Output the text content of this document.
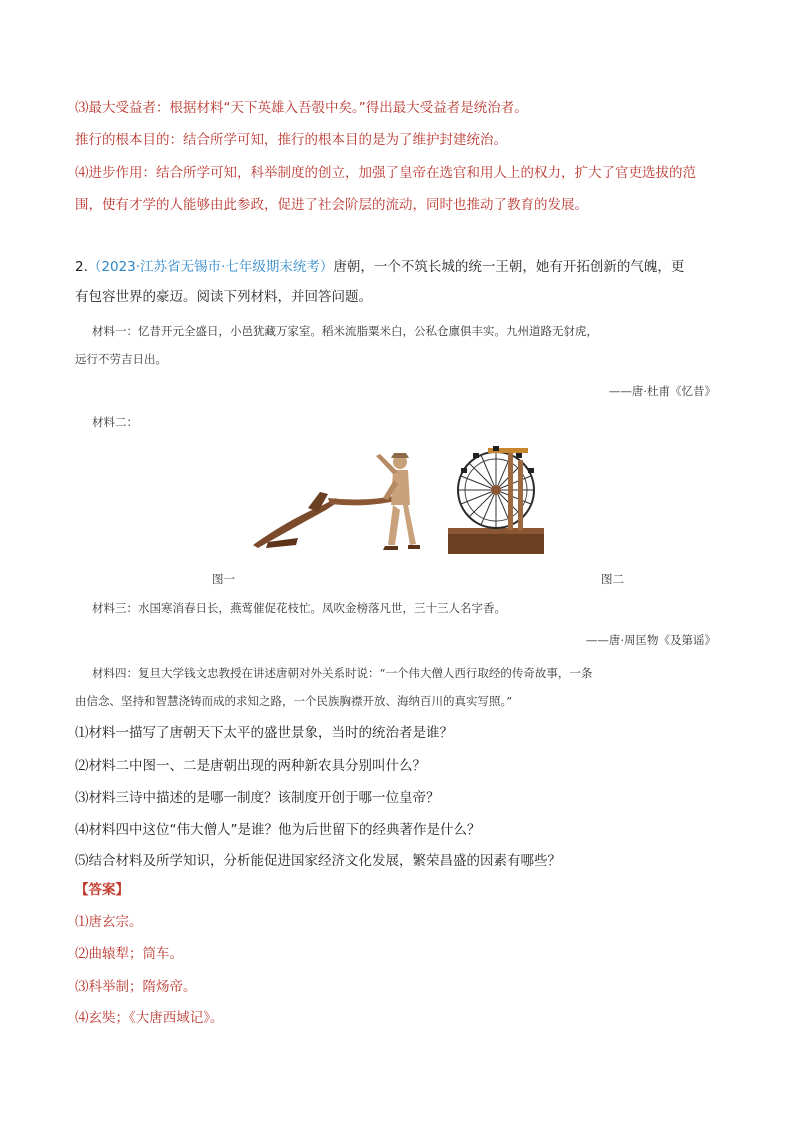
⑶最大受益者：根据材料“天下英雄入吾彀中矣。”得出最大受益者是统治者。
推行的根本目的：结合所学可知，推行的根本目的是为了维护封建统治。
⑷进步作用：结合所学可知，科举制度的创立，加强了皇帝在选官和用人上的权力，扩大了官吏选拔的范
围，使有才学的人能够由此参政，促进了社会阶层的流动，同时也推动了教育的发展。
2.（2023·江苏省无锡市·七年级期末统考）唐朝，一个不筑长城的统一王朝，她有开拓创新的气魄，更
有包容世界的豪迈。阅读下列材料，并回答问题。
材料一：忆昔开元全盛日，小邑犹藏万家室。稻米流脂粟米白，公私仓廪俱丰实。九州道路无豺虎，
远行不劳吉日出。
——唐·杜甫《忆昔》
材料二：
图一	图二
材料三：水国寒消春日长，燕莺催促花枝忙。凤吹金榜落凡世，三十三人名字香。
——唐·周匡物《及第谣》
材料四：复旦大学钱文忠教授在讲述唐朝对外关系时说：“一个伟大僧人西行取经的传奇故事，一条
由信念、坚持和智慧浇铸而成的求知之路，一个民族胸襟开放、海纳百川的真实写照。”
⑴材料一描写了唐朝天下太平的盛世景象，当时的统治者是谁？
⑵材料二中图一、二是唐朝出现的两种新农具分别叫什么？
⑶材料三诗中描述的是哪一制度？该制度开创于哪一位皇帝？
⑷材料四中这位“伟大僧人”是谁？他为后世留下的经典著作是什么？
⑸结合材料及所学知识，分析能促进国家经济文化发展，繁荣昌盛的因素有哪些？
【答案】
⑴唐玄宗。
⑵曲辕犁；筒车。
⑶科举制；隋炀帝。
⑷玄奘；《大唐西域记》。
